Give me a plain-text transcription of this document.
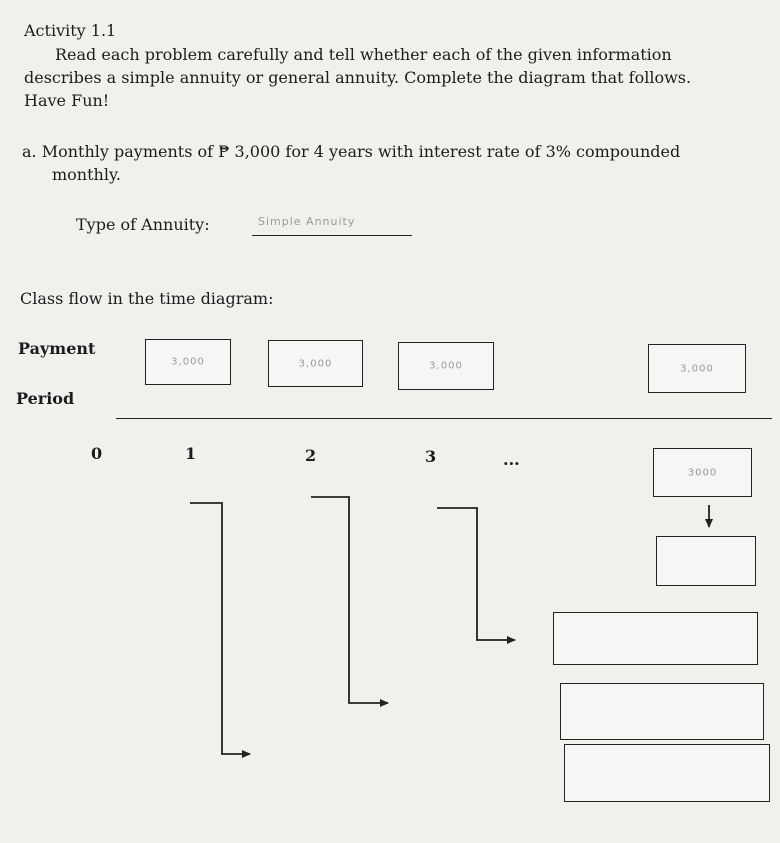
Activity 1.1
Read each problem carefully and tell whether each of the given information
describes a simple annuity or general annuity. Complete the diagram that follows.
Have Fun!
a. Monthly payments of ₱ 3,000 for 4 years with interest rate of 3% compounded
monthly.
Type of Annuity:	Simple Annuity
Class flow in the time diagram:
Payment
Period
3,000	3,000	3,000	3,000
0	1	2	3	...
3000
